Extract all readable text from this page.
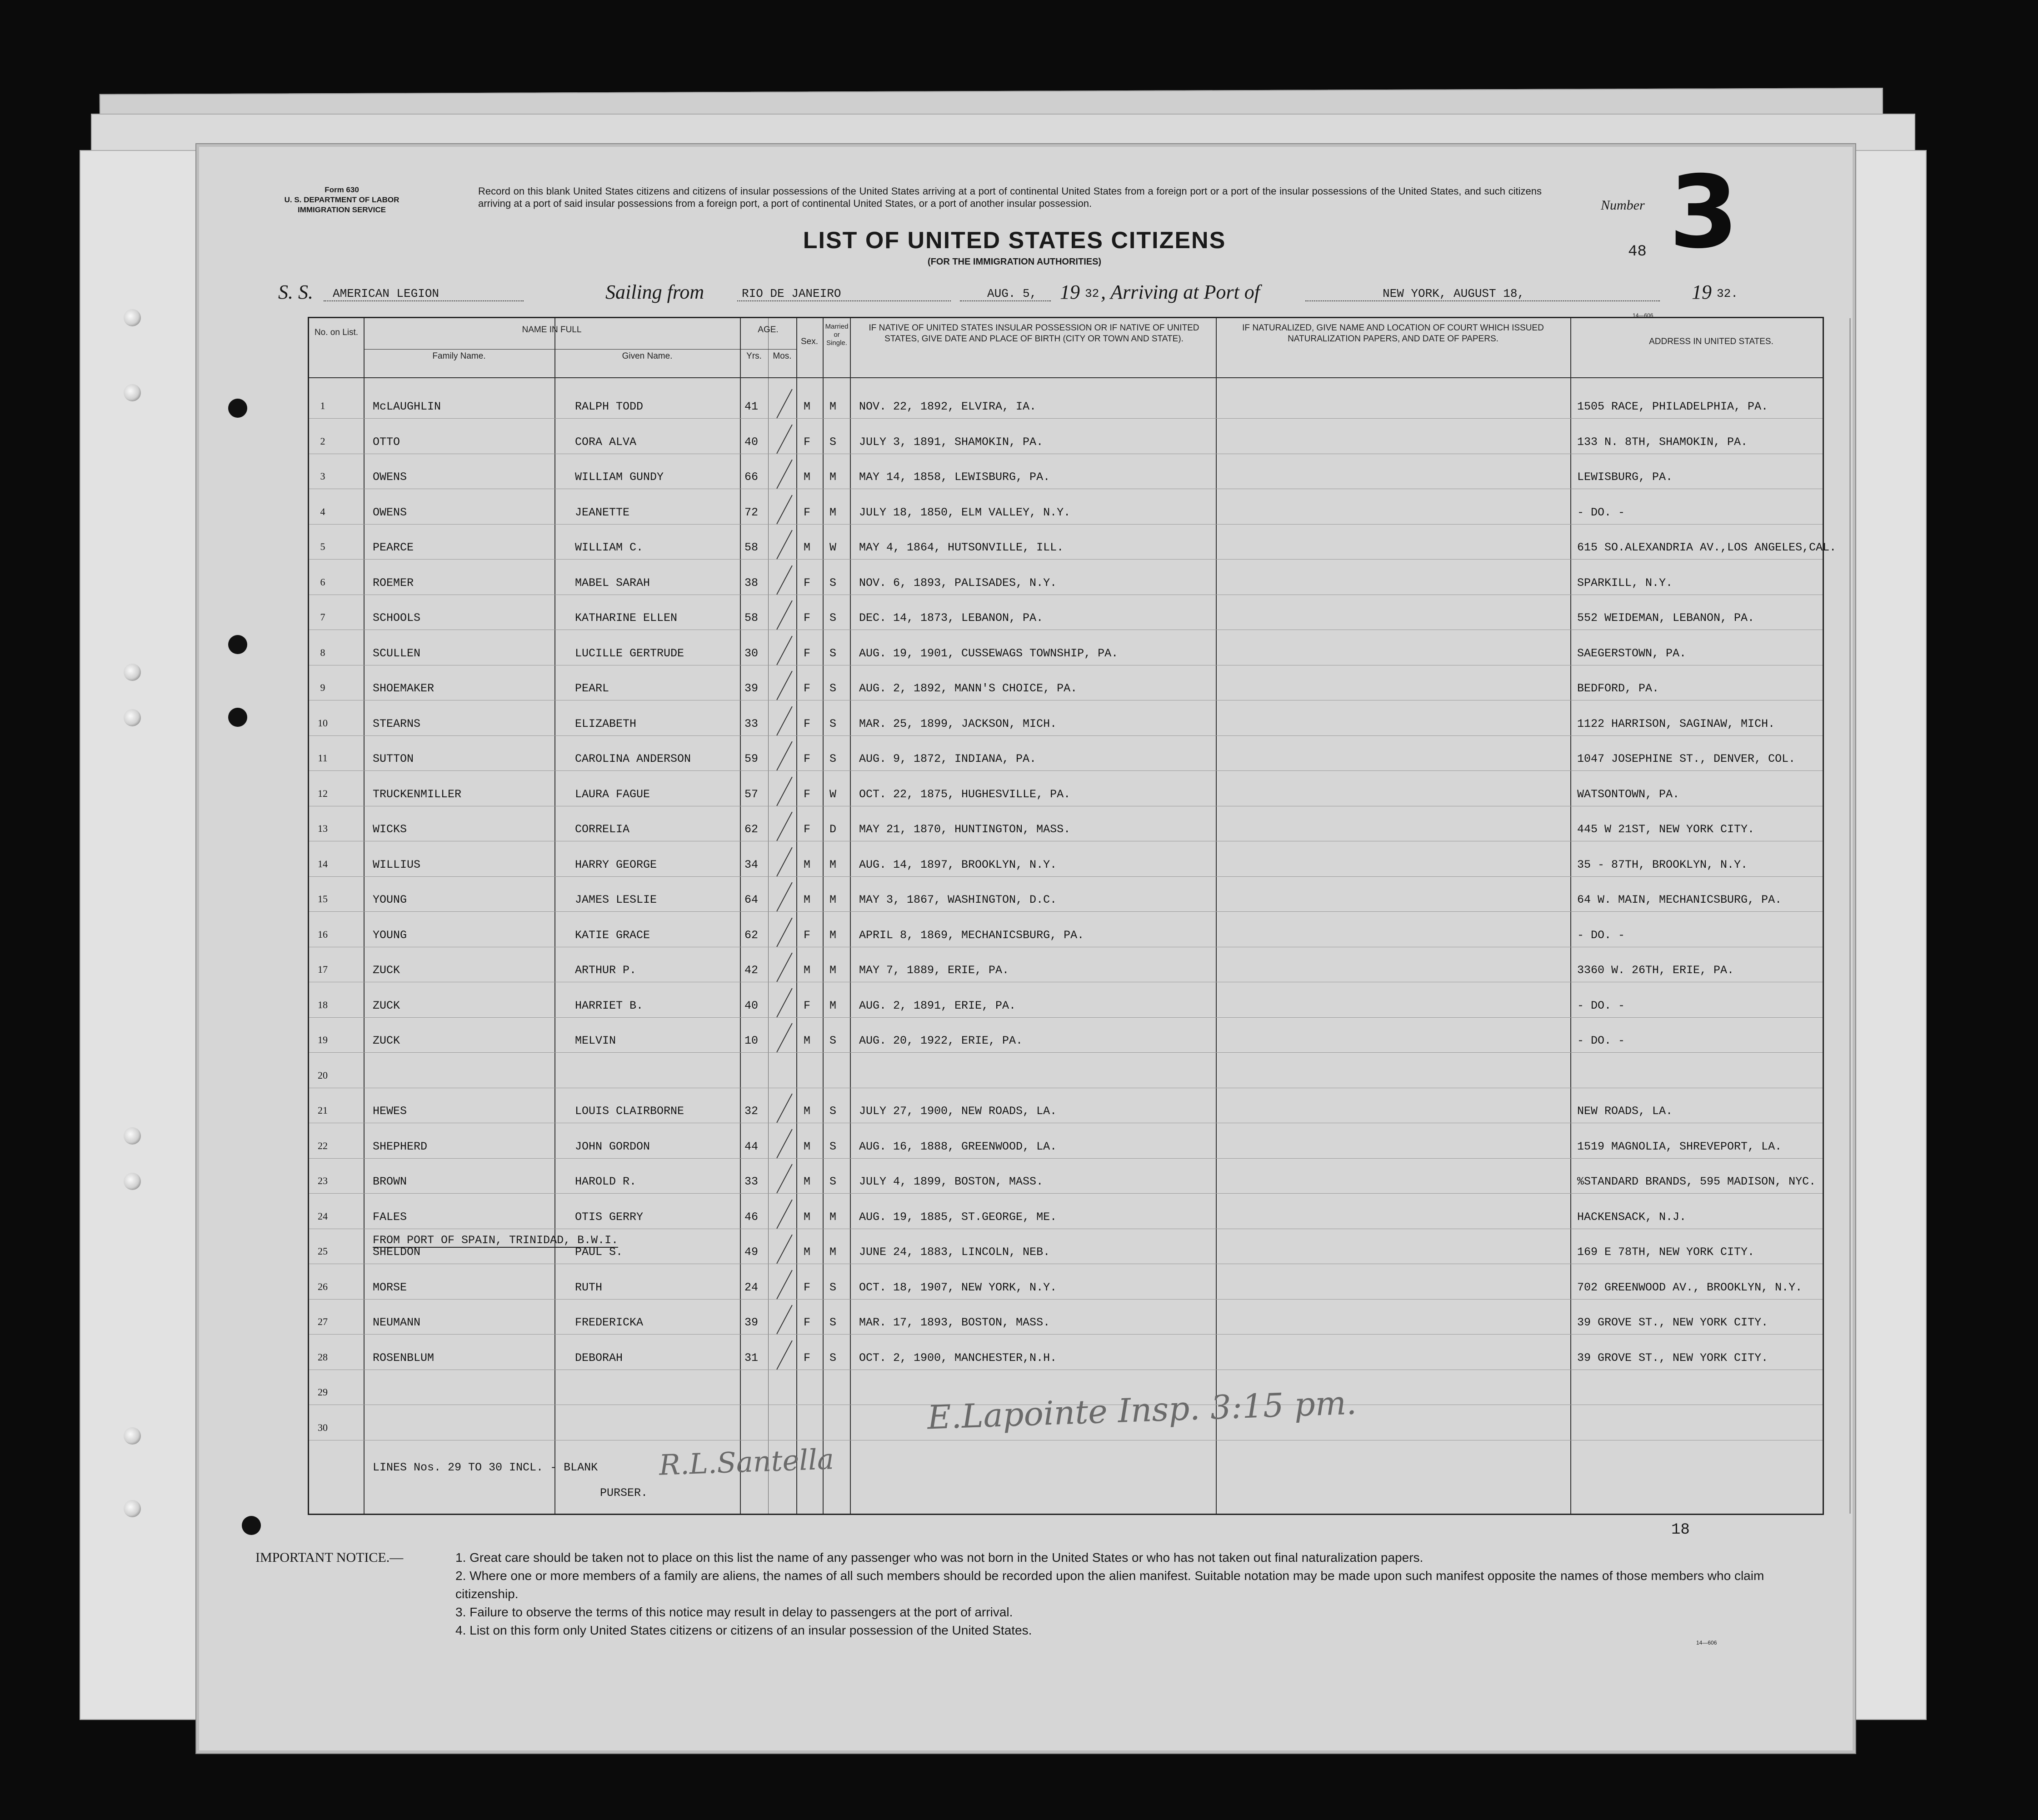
Form 630
U. S. DEPARTMENT OF LABOR
IMMIGRATION SERVICE
Record on this blank United States citizens and citizens of insular possessions of the United States arriving at a port of continental United States from a foreign port or a port of the insular possessions of the United States, and such citizens arriving at a port of said insular possessions from a foreign port, a port of continental United States, or a port of another insular possession.
LIST OF UNITED STATES CITIZENS
(FOR THE IMMIGRATION AUTHORITIES)
Number 3
48
S. S. AMERICAN LEGION	Sailing from	RIO DE JANEIRO	AUG. 5, 19 32 , Arriving at Port of	NEW YORK, AUGUST 18,	19 32.
14—606
No. on List.	NAME IN FULL
Family Name.	Given Name.
AGE.
Yrs.	Mos.
Sex.
Married or Single.
IF NATIVE OF UNITED STATES INSULAR POSSESSION OR IF NATIVE OF UNITED STATES, GIVE DATE AND PLACE OF BIRTH (CITY OR TOWN AND STATE).
IF NATURALIZED, GIVE NAME AND LOCATION OF COURT WHICH ISSUED NATURALIZATION PAPERS, AND DATE OF PAPERS.	ADDRESS IN UNITED STATES.
1	McLAUGHLIN	RALPH TODD	41	M M NOV. 22, 1892, ELVIRA, IA.	1505 RACE, PHILADELPHIA, PA.
2	OTTO	CORA ALVA	40	F S JULY 3, 1891, SHAMOKIN, PA.	133 N. 8TH, SHAMOKIN, PA.
3	OWENS	WILLIAM GUNDY	66	M M MAY 14, 1858, LEWISBURG, PA.	LEWISBURG, PA.
4	OWENS	JEANETTE	72	F M JULY 18, 1850, ELM VALLEY, N.Y.	- DO. -
5	PEARCE	WILLIAM C.	58	M W MAY 4, 1864, HUTSONVILLE, ILL.	615 SO.ALEXANDRIA AV.,LOS ANGELES,CAL.
6	ROEMER	MABEL SARAH	38	F S NOV. 6, 1893, PALISADES, N.Y.	SPARKILL, N.Y.
7	SCHOOLS	KATHARINE ELLEN	58	F S DEC. 14, 1873, LEBANON, PA.	552 WEIDEMAN, LEBANON, PA.
8	SCULLEN	LUCILLE GERTRUDE	30	F S AUG. 19, 1901, CUSSEWAGS TOWNSHIP, PA.	SAEGERSTOWN, PA.
9	SHOEMAKER	PEARL	39	F S AUG. 2, 1892, MANN'S CHOICE, PA.	BEDFORD, PA.
10	STEARNS	ELIZABETH	33	F S MAR. 25, 1899, JACKSON, MICH.	1122 HARRISON, SAGINAW, MICH.
11	SUTTON	CAROLINA ANDERSON	59	F S AUG. 9, 1872, INDIANA, PA.	1047 JOSEPHINE ST., DENVER, COL.
12	TRUCKENMILLER	LAURA FAGUE	57	F W OCT. 22, 1875, HUGHESVILLE, PA.	WATSONTOWN, PA.
13	WICKS	CORRELIA	62	F D MAY 21, 1870, HUNTINGTON, MASS.	445 W 21ST, NEW YORK CITY.
14	WILLIUS	HARRY GEORGE	34	M M AUG. 14, 1897, BROOKLYN, N.Y.	35 - 87TH, BROOKLYN, N.Y.
15	YOUNG	JAMES LESLIE	64	M M MAY 3, 1867, WASHINGTON, D.C.	64 W. MAIN, MECHANICSBURG, PA.
16	YOUNG	KATIE GRACE	62	F M APRIL 8, 1869, MECHANICSBURG, PA.	- DO. -
17	ZUCK	ARTHUR P.	42	M M MAY 7, 1889, ERIE, PA.	3360 W. 26TH, ERIE, PA.
18	ZUCK	HARRIET B.	40	F M AUG. 2, 1891, ERIE, PA.	- DO. -
19	ZUCK	MELVIN	10	M S AUG. 20, 1922, ERIE, PA.	- DO. -
20
21	HEWES	LOUIS CLAIRBORNE	32	M S JULY 27, 1900, NEW ROADS, LA.	NEW ROADS, LA.
22	SHEPHERD	JOHN GORDON	44	M S AUG. 16, 1888, GREENWOOD, LA.	1519 MAGNOLIA, SHREVEPORT, LA.
23	BROWN	HAROLD R.	33	M S JULY 4, 1899, BOSTON, MASS.	%STANDARD BRANDS, 595 MADISON, NYC.
24	FALES	OTIS GERRY	46	M M AUG. 19, 1885, ST.GEORGE, ME.	HACKENSACK, N.J.
25	SHELDON	PAUL S.	49	M M JUNE 24, 1883, LINCOLN, NEB.	169 E 78TH, NEW YORK CITY.
26	MORSE	RUTH	24	F S OCT. 18, 1907, NEW YORK, N.Y.	702 GREENWOOD AV., BROOKLYN, N.Y.
27	NEUMANN	FREDERICKA	39	F S MAR. 17, 1893, BOSTON, MASS.	39 GROVE ST., NEW YORK CITY.
28	ROSENBLUM	DEBORAH	31	F S OCT. 2, 1900, MANCHESTER,N.H.	39 GROVE ST., NEW YORK CITY.
29
30
FROM PORT OF SPAIN, TRINIDAD, B.W.I.
LINES Nos. 29 TO 30 INCL. - BLANK
PURSER.
R.L.Santella
E.Lapointe Insp. 3:15 pm.
18
IMPORTANT NOTICE.—	1. Great care should be taken not to place on this list the name of any passenger who was not born in the United States or who has not taken out final naturalization papers.
2. Where one or more members of a family are aliens, the names of all such members should be recorded upon the alien manifest. Suitable notation may be made upon such manifest opposite the names of those members who claim citizenship.
3. Failure to observe the terms of this notice may result in delay to passengers at the port of arrival.
4. List on this form only United States citizens or citizens of an insular possession of the United States.
14—606
